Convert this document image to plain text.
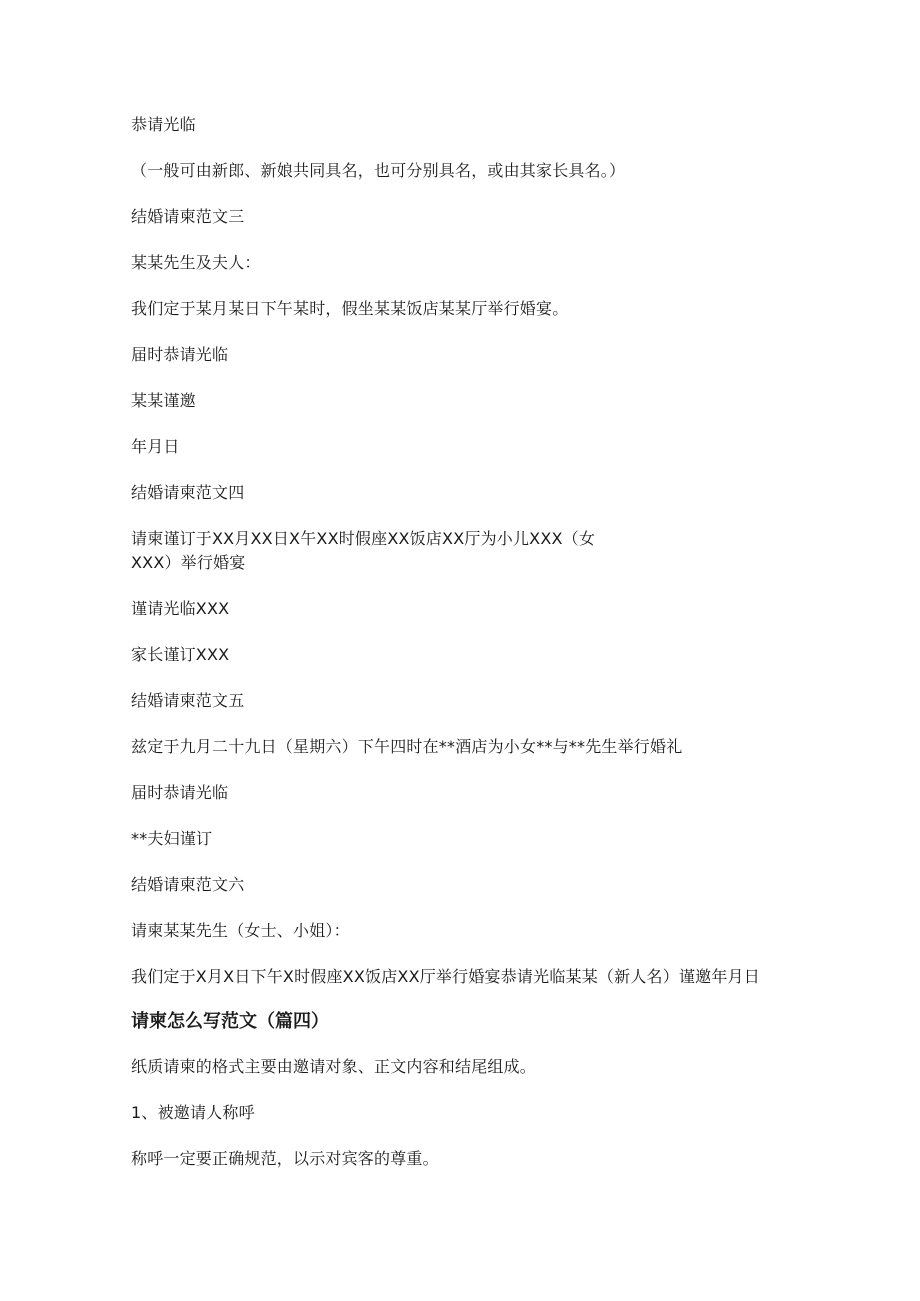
恭请光临
（一般可由新郎、新娘共同具名，也可分别具名，或由其家长具名。）
结婚请柬范文三
某某先生及夫人：
我们定于某月某日下午某时，假坐某某饭店某某厅举行婚宴。
届时恭请光临
某某谨邀
年月日
结婚请柬范文四
请柬谨订于XX月XX日X午XX时假座XX饭店XX厅为小儿XXX（女XXX）举行婚宴
谨请光临XXX
家长谨订XXX
结婚请柬范文五
兹定于九月二十九日（星期六）下午四时在**酒店为小女**与**先生举行婚礼
届时恭请光临
**夫妇谨订
结婚请柬范文六
请柬某某先生（女士、小姐）：
我们定于X月X日下午X时假座XX饭店XX厅举行婚宴恭请光临某某（新人名）谨邀年月日
请柬怎么写范文（篇四）
纸质请柬的格式主要由邀请对象、正文内容和结尾组成。
1、被邀请人称呼
称呼一定要正确规范，以示对宾客的尊重。
